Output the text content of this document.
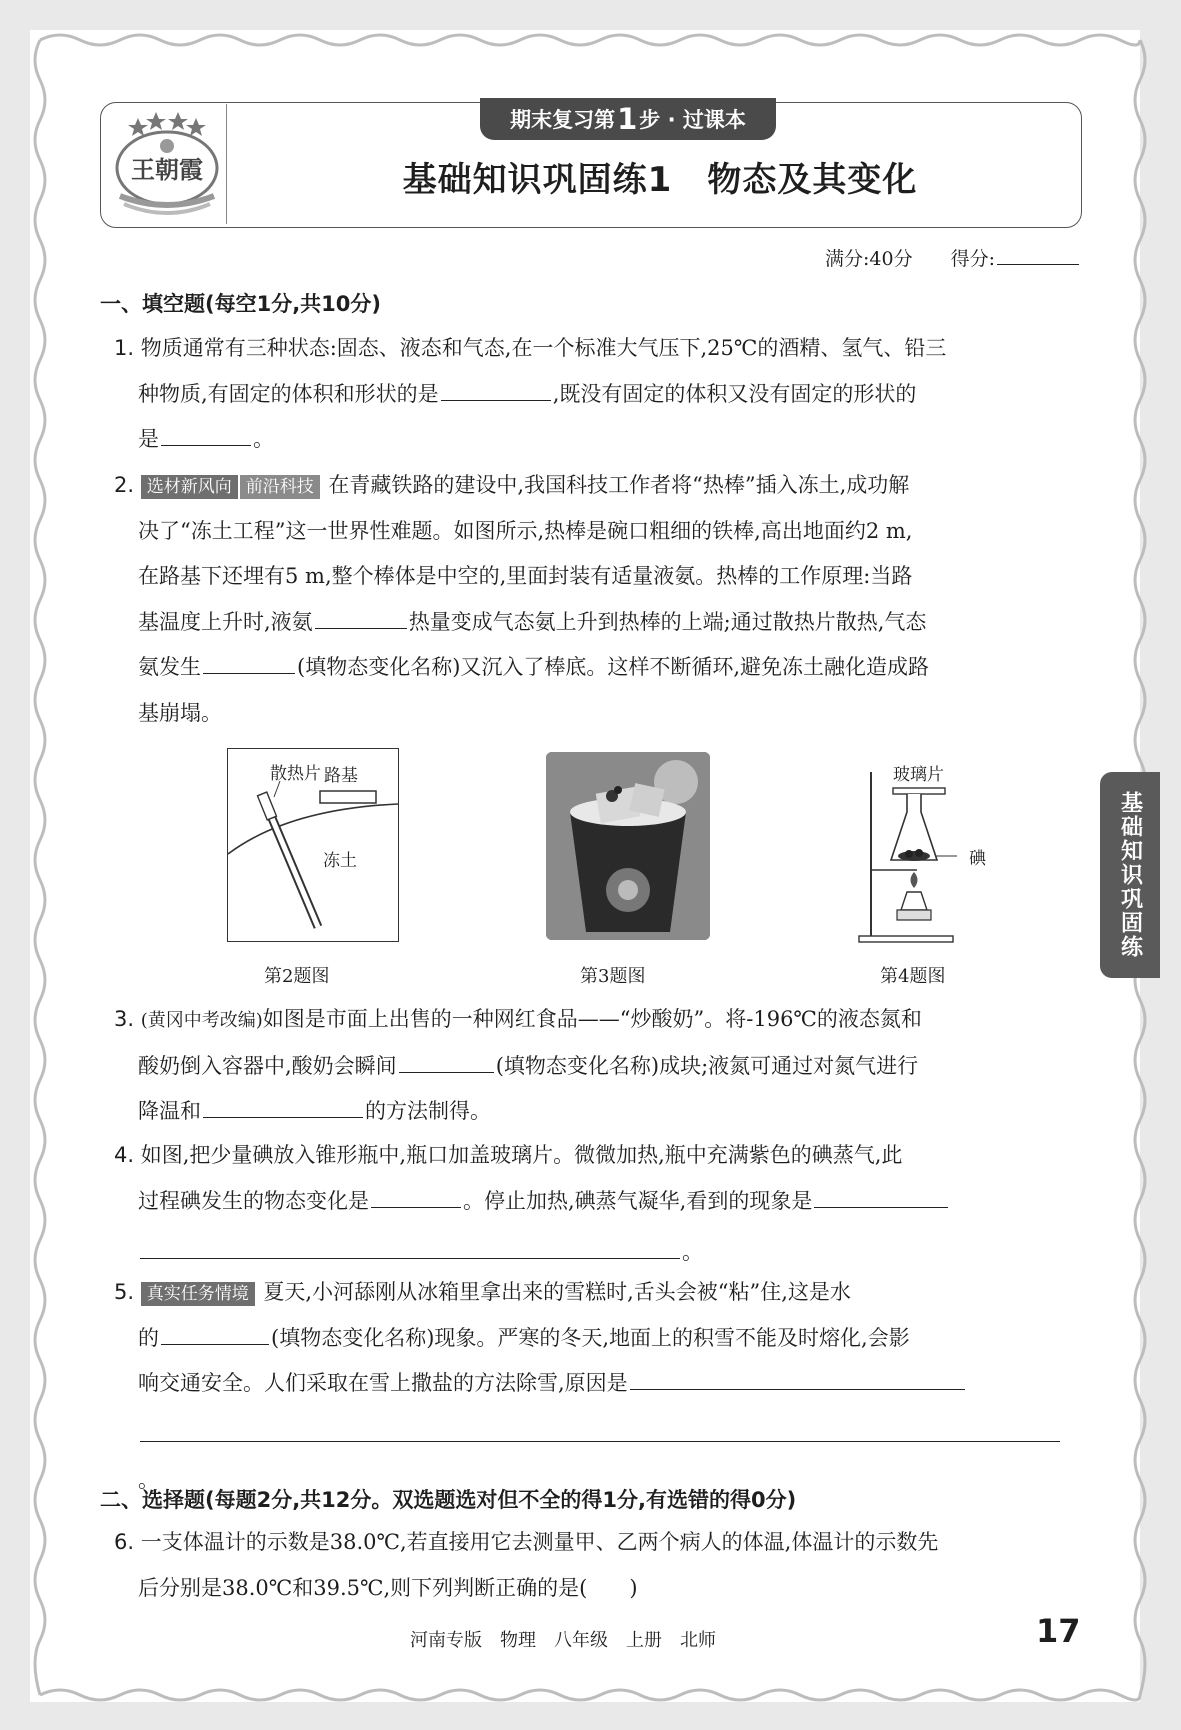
王朝霞
期末复习第 1 步 · 过课本
基础知识巩固练1　物态及其变化
满分:40分　　 得分:
一、填空题(每空1分,共10分)
1. 物质通常有三种状态:固态、液态和气态,在一个标准大气压下,25℃的酒精、氢气、铅三
种物质,有固定的体积和形状的是	,既没有固定的体积又没有固定的形状的
是	。
2. 选材新风向 前沿科技 在青藏铁路的建设中,我国科技工作者将“热棒”插入冻土,成功解
决了“冻土工程”这一世界性难题。如图所示,热棒是碗口粗细的铁棒,高出地面约2 m,
在路基下还埋有5 m,整个棒体是中空的,里面封装有适量液氨。热棒的工作原理:当路
基温度上升时,液氨	热量变成气态氨上升到热棒的上端;通过散热片散热,气态
氨发生	(填物态变化名称)又沉入了棒底。这样不断循环,避免冻土融化造成路
基崩塌。
散热片 路基
冻土
玻璃片
碘
第2题图	第3题图	第4题图
3. (黄冈中考改编)如图是市面上出售的一种网红食品——“炒酸奶”。将-196℃的液态氮和
酸奶倒入容器中,酸奶会瞬间	(填物态变化名称)成块;液氮可通过对氮气进行
降温和	的方法制得。
4. 如图,把少量碘放入锥形瓶中,瓶口加盖玻璃片。微微加热,瓶中充满紫色的碘蒸气,此
过程碘发生的物态变化是	。停止加热,碘蒸气凝华,看到的现象是
。
5. 真实任务情境 夏天,小河舔刚从冰箱里拿出来的雪糕时,舌头会被“粘”住,这是水
的	(填物态变化名称)现象。严寒的冬天,地面上的积雪不能及时熔化,会影
响交通安全。人们采取在雪上撒盐的方法除雪,原因是
。
二、选择题(每题2分,共12分。双选题选对但不全的得1分,有选错的得0分)
6. 一支体温计的示数是38.0℃,若直接用它去测量甲、乙两个病人的体温,体温计的示数先
后分别是38.0℃和39.5℃,则下列判断正确的是(　　)
基础知识巩固练
河南专版　物理　八年级　上册　北师	17
